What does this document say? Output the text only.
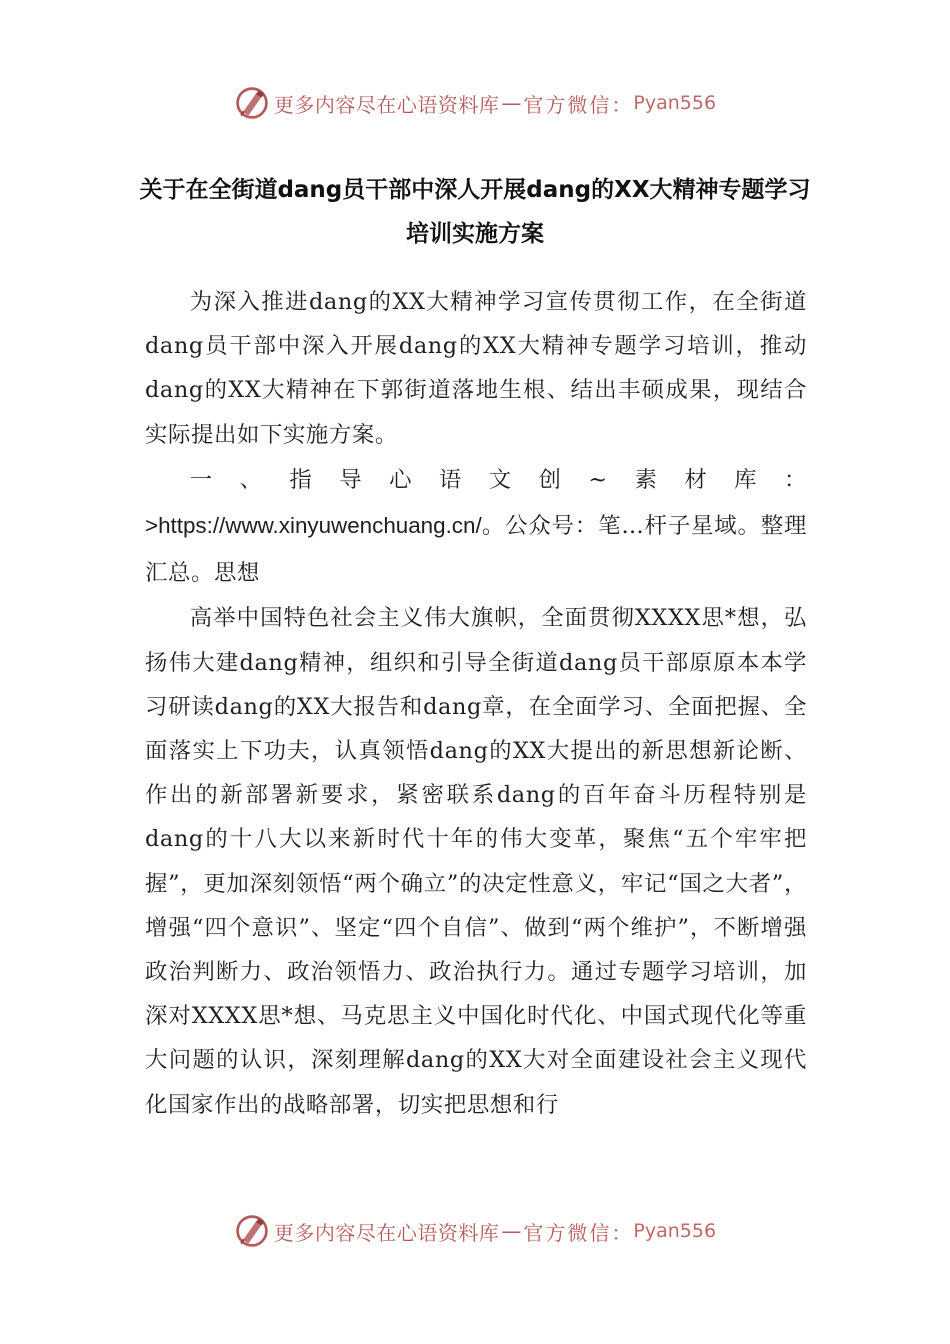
更多内容尽在心语资料库 — 官方微信： Pyan556
关于在全街道dang员干部中深人开展dang的XX大精神专题学习培训实施方案

为深入推进dang的XX大精神学习宣传贯彻工作，在全街道dang员干部中深入开展dang的XX大精神专题学习培训，推动dang的XX大精神在下郭街道落地生根、结出丰硕成果，现结合实际提出如下实施方案。

一、指导心语文创~素材库：>https://www.xinyuwenchuang.cn/。公众号：笔…杆子星域。整理汇总。思想

高举中国特色社会主义伟大旗帜，全面贯彻XXXX思*想，弘扬伟大建dang精神，组织和引导全街道dang员干部原原本本学习研读dang的XX大报告和dang章，在全面学习、全面把握、全面落实上下功夫，认真领悟dang的XX大提出的新思想新论断、作出的新部署新要求，紧密联系dang的百年奋斗历程特别是dang的十八大以来新时代十年的伟大变革，聚焦“五个牢牢把握”，更加深刻领悟“两个确立”的决定性意义，牢记“国之大者”，增强“四个意识”、坚定“四个自信”、做到“两个维护”，不断增强政治判断力、政治领悟力、政治执行力。通过专题学习培训，加深对XXXX思*想、马克思主义中国化时代化、中国式现代化等重大问题的认识，深刻理解dang的XX大对全面建设社会主义现代化国家作出的战略部署，切实把思想和行

更多内容尽在心语资料库 — 官方微信： Pyan556
